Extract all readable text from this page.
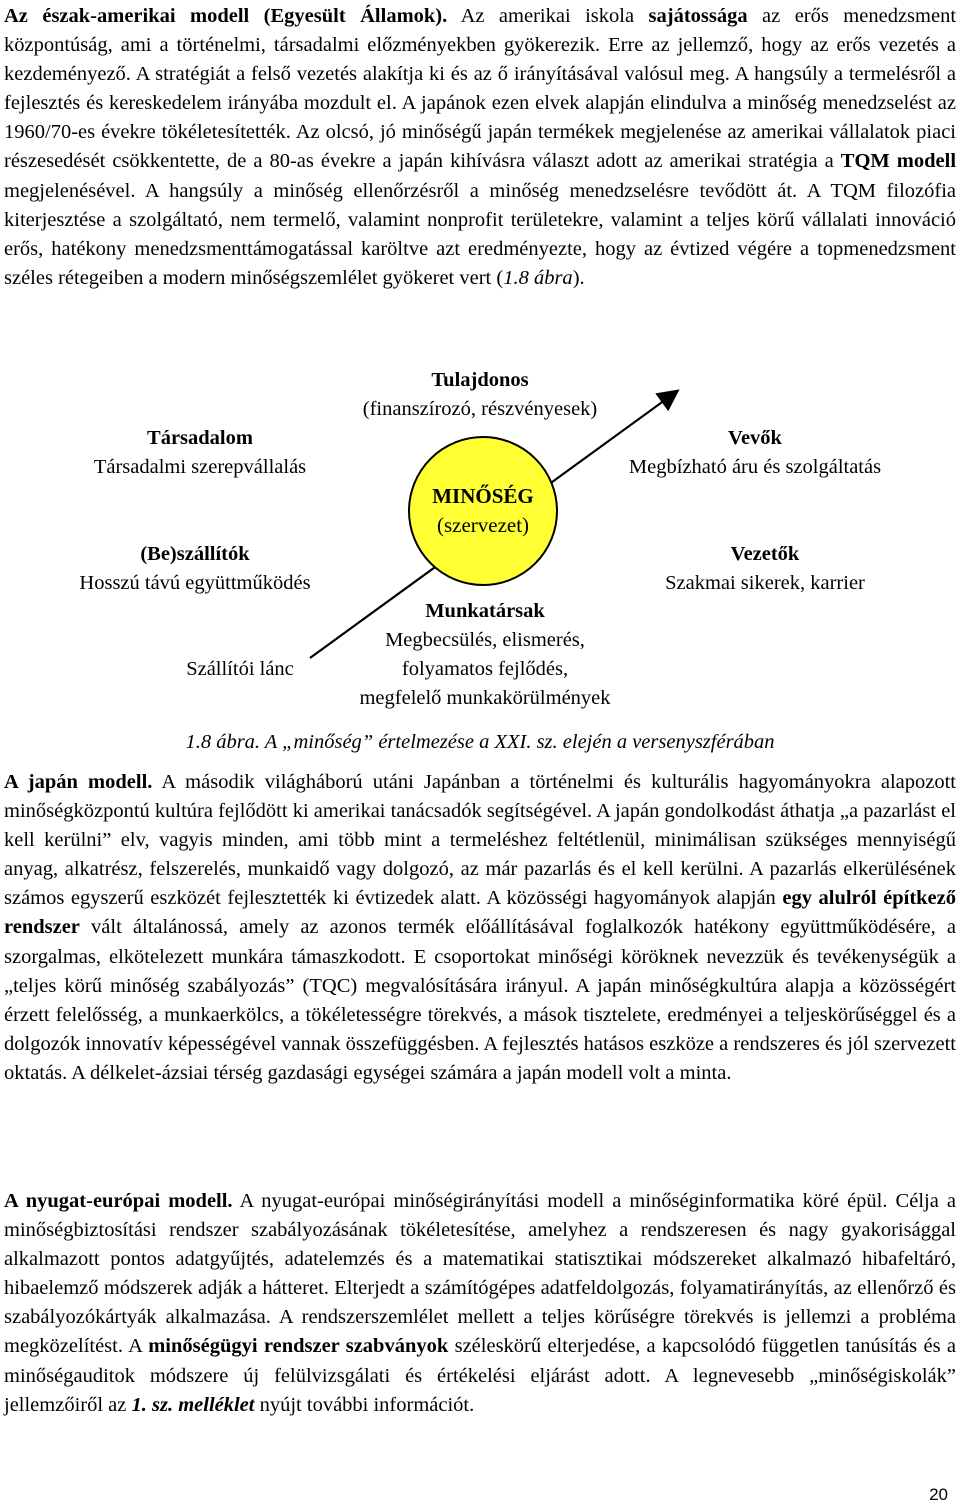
Az észak-amerikai modell (Egyesült Államok). Az amerikai iskola sajátossága az erős menedzsment központúság, ami a történelmi, társadalmi előzményekben gyökerezik. Erre az jellemző, hogy az erős vezetés a kezdeményező. A stratégiát a felső vezetés alakítja ki és az ő irányításával valósul meg. A hangsúly a termelésről a fejlesztés és kereskedelem irányába mozdult el. A japánok ezen elvek alapján elindulva a minőség menedzselést az 1960/70-es évekre tökéletesítették. Az olcsó, jó minőségű japán termékek megjelenése az amerikai vállalatok piaci részesedését csökkentette, de a 80-as évekre a japán kihívásra választ adott az amerikai stratégia a TQM modell megjelenésével. A hangsúly a minőség ellenőrzésről a minőség menedzselésre tevődött át. A TQM filozófia kiterjesztése a szolgáltató, nem termelő, valamint nonprofit területekre, valamint a teljes körű vállalati innováció erős, hatékony menedzsmenttámogatással karöltve azt eredményezte, hogy az évtized végére a topmenedzsment széles rétegeiben a modern minőségszemlélet gyökeret vert (1.8 ábra).

Tulajdonos
(finanszírozó, részvényesek)
Társadalom
Társadalmi szerepvállalás
Vevők
Megbízható áru és szolgáltatás
MINŐSÉG
(szervezet)
(Be)szállítók
Hosszú távú együttműködés
Vezetők
Szakmai sikerek, karrier
Munkatársak
Megbecsülés, elismerés,
folyamatos fejlődés,
megfelelő munkakörülmények
Szállítói lánc
1.8 ábra. A „minőség” értelmezése a XXI. sz. elején a versenyszférában

A japán modell. A második világháború utáni Japánban a történelmi és kulturális hagyományokra alapozott minőségközpontú kultúra fejlődött ki amerikai tanácsadók segítségével. A japán gondolkodást áthatja „a pazarlást el kell kerülni” elv, vagyis minden, ami több mint a termeléshez feltétlenül, minimálisan szükséges mennyiségű anyag, alkatrész, felszerelés, munkaidő vagy dolgozó, az már pazarlás és el kell kerülni. A pazarlás elkerülésének számos egyszerű eszközét fejlesztették ki évtizedek alatt. A közösségi hagyományok alapján egy alulról építkező rendszer vált általánossá, amely az azonos termék előállításával foglalkozók hatékony együttműködésére, a szorgalmas, elkötelezett munkára támaszkodott. E csoportokat minőségi köröknek nevezzük és tevékenységük a „teljes körű minőség szabályozás” (TQC) megvalósítására irányul. A japán minőségkultúra alapja a közösségért érzett felelősség, a munkaerkölcs, a tökéletességre törekvés, a mások tisztelete, eredményei a teljeskörűséggel és a dolgozók innovatív képességével vannak összefüggésben. A fejlesztés hatásos eszköze a rendszeres és jól szervezett oktatás. A délkelet-ázsiai térség gazdasági egységei számára a japán modell volt a minta.

A nyugat-európai modell. A nyugat-európai minőségirányítási modell a minőséginformatika köré épül. Célja a minőségbiztosítási rendszer szabályozásának tökéletesítése, amelyhez a rendszeresen és nagy gyakorisággal alkalmazott pontos adatgyűjtés, adatelemzés és a matematikai statisztikai módszereket alkalmazó hibafeltáró, hibaelemző módszerek adják a hátteret. Elterjedt a számítógépes adatfeldolgozás, folyamatirányítás, az ellenőrző és szabályozókártyák alkalmazása. A rendszerszemlélet mellett a teljes körűségre törekvés is jellemzi a probléma megközelítést. A minőségügyi rendszer szabványok széleskörű elterjedése, a kapcsolódó független tanúsítás és a minőségauditok módszere új felülvizsgálati és értékelési eljárást adott. A legnevesebb „minőségiskolák” jellemzőiről az 1. sz. melléklet nyújt további információt.

20
